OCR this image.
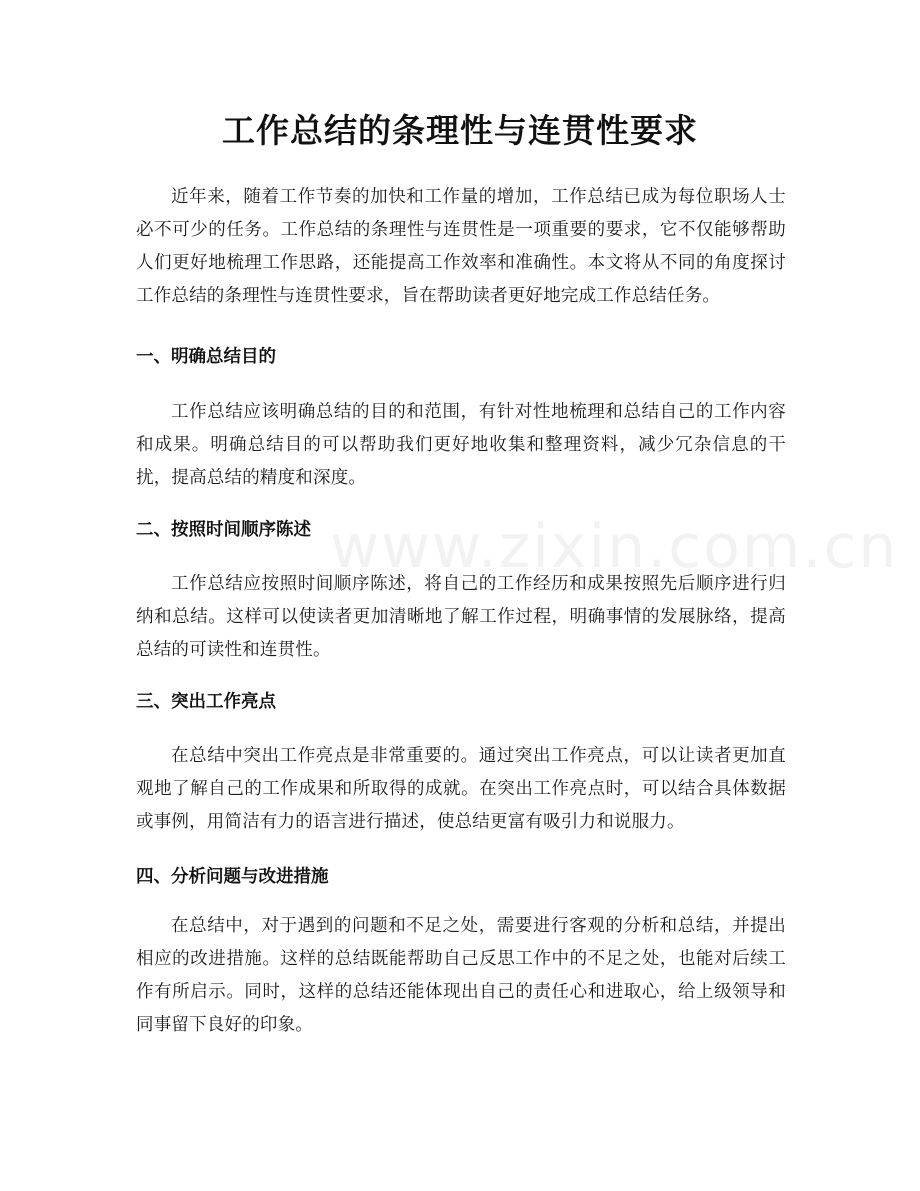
工作总结的条理性与连贯性要求

近年来，随着工作节奏的加快和工作量的增加，工作总结已成为每位职场人士必不可少的任务。工作总结的条理性与连贯性是一项重要的要求，它不仅能够帮助人们更好地梳理工作思路，还能提高工作效率和准确性。本文将从不同的角度探讨工作总结的条理性与连贯性要求，旨在帮助读者更好地完成工作总结任务。

一、明确总结目的

工作总结应该明确总结的目的和范围，有针对性地梳理和总结自己的工作内容和成果。明确总结目的可以帮助我们更好地收集和整理资料，减少冗杂信息的干扰，提高总结的精度和深度。

二、按照时间顺序陈述

工作总结应按照时间顺序陈述，将自己的工作经历和成果按照先后顺序进行归纳和总结。这样可以使读者更加清晰地了解工作过程，明确事情的发展脉络，提高总结的可读性和连贯性。

三、突出工作亮点

在总结中突出工作亮点是非常重要的。通过突出工作亮点，可以让读者更加直观地了解自己的工作成果和所取得的成就。在突出工作亮点时，可以结合具体数据或事例，用简洁有力的语言进行描述，使总结更富有吸引力和说服力。

四、分析问题与改进措施

在总结中，对于遇到的问题和不足之处，需要进行客观的分析和总结，并提出相应的改进措施。这样的总结既能帮助自己反思工作中的不足之处，也能对后续工作有所启示。同时，这样的总结还能体现出自己的责任心和进取心，给上级领导和同事留下良好的印象。

www.zixin.com.cn
